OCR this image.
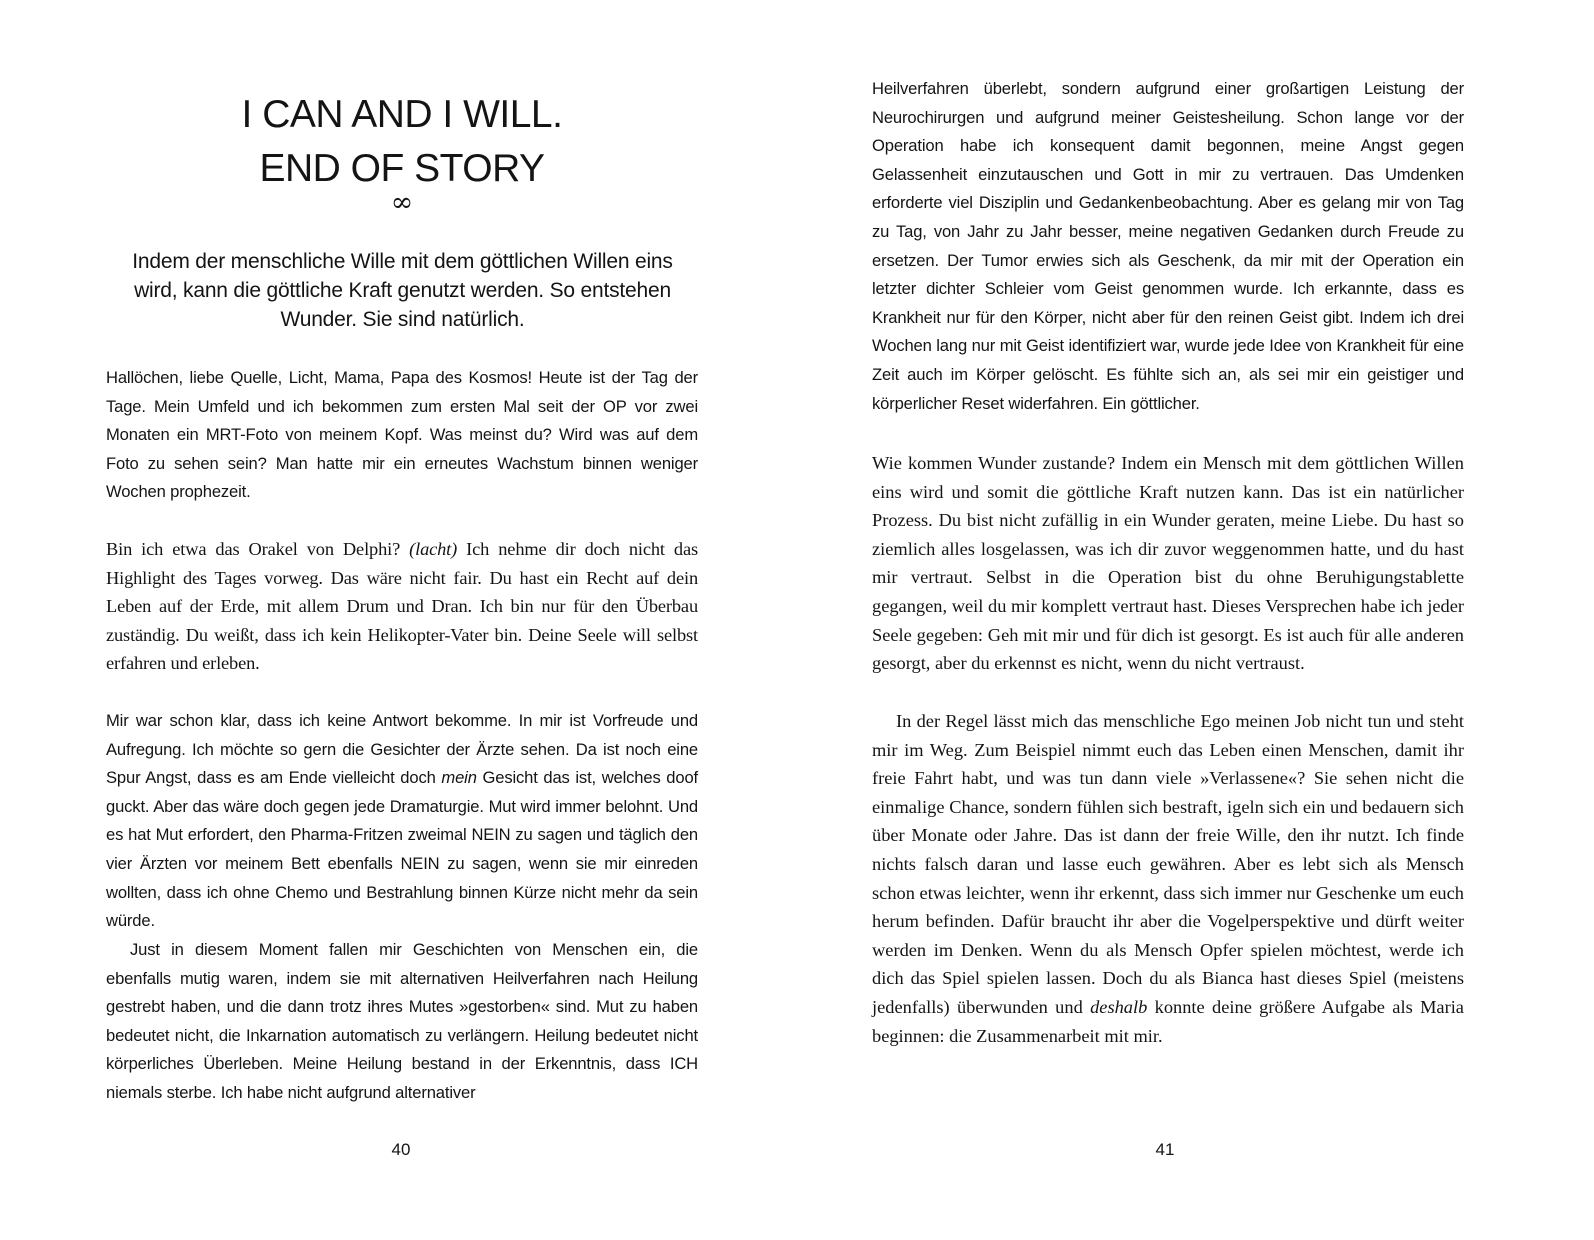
I CAN AND I WILL.
END OF STORY
∞

Indem der menschliche Wille mit dem göttlichen Willen eins wird, kann die göttliche Kraft genutzt werden. So entstehen Wunder. Sie sind natürlich.

Hallöchen, liebe Quelle, Licht, Mama, Papa des Kosmos! Heute ist der Tag der Tage. Mein Umfeld und ich bekommen zum ersten Mal seit der OP vor zwei Monaten ein MRT-Foto von meinem Kopf. Was meinst du? Wird was auf dem Foto zu sehen sein? Man hatte mir ein erneutes Wachstum binnen weniger Wochen prophezeit.

Bin ich etwa das Orakel von Delphi? (lacht) Ich nehme dir doch nicht das Highlight des Tages vorweg. Das wäre nicht fair. Du hast ein Recht auf dein Leben auf der Erde, mit allem Drum und Dran. Ich bin nur für den Überbau zuständig. Du weißt, dass ich kein Helikopter-Vater bin. Deine Seele will selbst erfahren und erleben.

Mir war schon klar, dass ich keine Antwort bekomme. In mir ist Vorfreude und Aufregung. Ich möchte so gern die Gesichter der Ärzte sehen. Da ist noch eine Spur Angst, dass es am Ende vielleicht doch mein Gesicht das ist, welches doof guckt. Aber das wäre doch gegen jede Dramaturgie. Mut wird immer belohnt. Und es hat Mut erfordert, den Pharma-Fritzen zweimal NEIN zu sagen und täglich den vier Ärzten vor meinem Bett ebenfalls NEIN zu sagen, wenn sie mir einreden wollten, dass ich ohne Chemo und Bestrahlung binnen Kürze nicht mehr da sein würde.

Just in diesem Moment fallen mir Geschichten von Menschen ein, die ebenfalls mutig waren, indem sie mit alternativen Heilverfahren nach Heilung gestrebt haben, und die dann trotz ihres Mutes »gestorben« sind. Mut zu haben bedeutet nicht, die Inkarnation automatisch zu verlängern. Heilung bedeutet nicht körperliches Überleben. Meine Heilung bestand in der Erkenntnis, dass ICH niemals sterbe. Ich habe nicht aufgrund alternativer

40

Heilverfahren überlebt, sondern aufgrund einer großartigen Leistung der Neurochirurgen und aufgrund meiner Geistesheilung. Schon lange vor der Operation habe ich konsequent damit begonnen, meine Angst gegen Gelassenheit einzutauschen und Gott in mir zu vertrauen. Das Umdenken erforderte viel Disziplin und Gedankenbeobachtung. Aber es gelang mir von Tag zu Tag, von Jahr zu Jahr besser, meine negativen Gedanken durch Freude zu ersetzen. Der Tumor erwies sich als Geschenk, da mir mit der Operation ein letzter dichter Schleier vom Geist genommen wurde. Ich erkannte, dass es Krankheit nur für den Körper, nicht aber für den reinen Geist gibt. Indem ich drei Wochen lang nur mit Geist identifiziert war, wurde jede Idee von Krankheit für eine Zeit auch im Körper gelöscht. Es fühlte sich an, als sei mir ein geistiger und körperlicher Reset widerfahren. Ein göttlicher.

Wie kommen Wunder zustande? Indem ein Mensch mit dem göttlichen Willen eins wird und somit die göttliche Kraft nutzen kann. Das ist ein natürlicher Prozess. Du bist nicht zufällig in ein Wunder geraten, meine Liebe. Du hast so ziemlich alles losgelassen, was ich dir zuvor weggenommen hatte, und du hast mir vertraut. Selbst in die Operation bist du ohne Beruhigungstablette gegangen, weil du mir komplett vertraut hast. Dieses Versprechen habe ich jeder Seele gegeben: Geh mit mir und für dich ist gesorgt. Es ist auch für alle anderen gesorgt, aber du erkennst es nicht, wenn du nicht vertraust.

In der Regel lässt mich das menschliche Ego meinen Job nicht tun und steht mir im Weg. Zum Beispiel nimmt euch das Leben einen Menschen, damit ihr freie Fahrt habt, und was tun dann viele »Verlassene«? Sie sehen nicht die einmalige Chance, sondern fühlen sich bestraft, igeln sich ein und bedauern sich über Monate oder Jahre. Das ist dann der freie Wille, den ihr nutzt. Ich finde nichts falsch daran und lasse euch gewähren. Aber es lebt sich als Mensch schon etwas leichter, wenn ihr erkennt, dass sich immer nur Geschenke um euch herum befinden. Dafür braucht ihr aber die Vogelperspektive und dürft weiter werden im Denken. Wenn du als Mensch Opfer spielen möchtest, werde ich dich das Spiel spielen lassen. Doch du als Bianca hast dieses Spiel (meistens jedenfalls) überwunden und deshalb konnte deine größere Aufgabe als Maria beginnen: die Zusammenarbeit mit mir.

41
